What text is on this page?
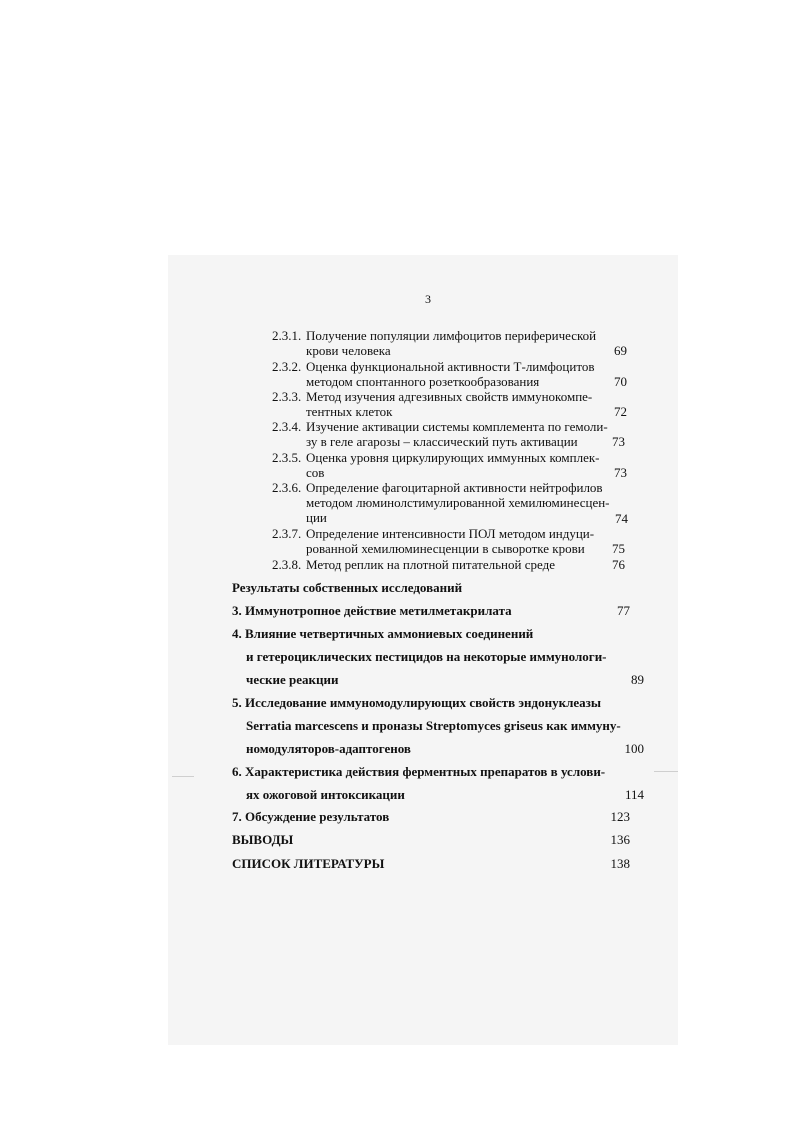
3
2.3.1. Получение популяции лимфоцитов периферической
крови человека	69
2.3.2. Оценка функциональной активности Т-лимфоцитов
методом спонтанного розеткообразования	70
2.3.3. Метод изучения адгезивных свойств иммунокомпе-
тентных клеток	72
2.3.4. Изучение активации системы комплемента по гемоли-
зу в геле агарозы – классический путь активации	73
2.3.5. Оценка уровня циркулирующих иммунных комплек-
сов	73
2.3.6. Определение фагоцитарной активности нейтрофилов
методом люминолстимулированной хемилюминесцен-
ции	74
2.3.7. Определение интенсивности ПОЛ методом индуци-
рованной хемилюминесценции в сыворотке крови	75
2.3.8. Метод реплик на плотной питательной среде	76
Результаты собственных исследований
3. Иммунотропное действие метилметакрилата	77
4. Влияние четвертичных аммониевых соединений
и гетероциклических пестицидов на некоторые иммунологи-
ческие реакции	89
5. Исследование иммуномодулирующих свойств эндонуклеазы
Serratia marcescens и проназы Streptomyces griseus как иммуну-
номодуляторов-адаптогенов	100
6. Характеристика действия ферментных препаратов в услови-
ях ожоговой интоксикации	114
7. Обсуждение результатов	123
ВЫВОДЫ	136
СПИСОК ЛИТЕРАТУРЫ	138
